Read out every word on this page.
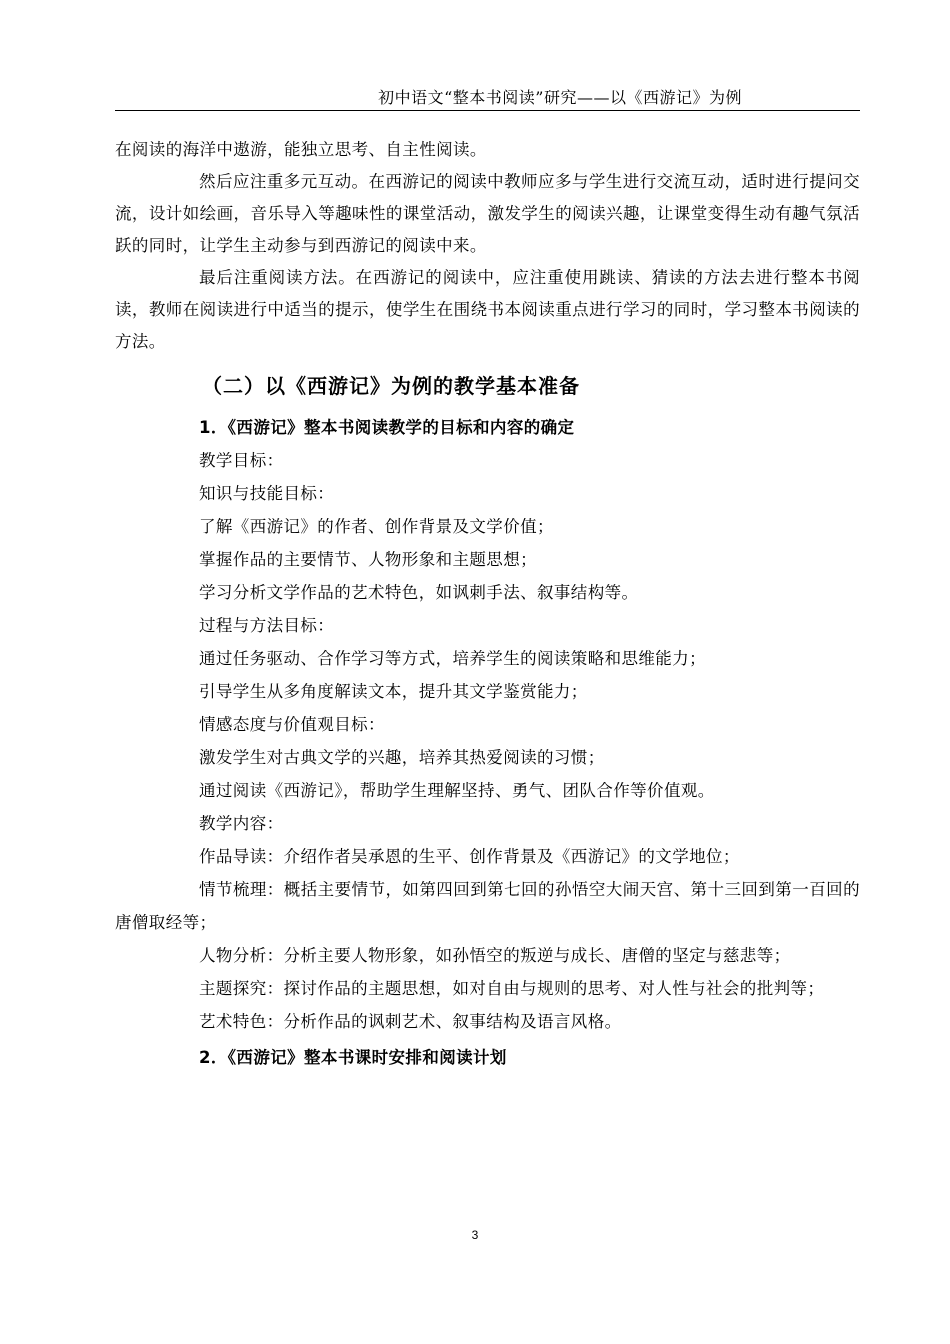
初中语文“整本书阅读”研究——以《西游记》为例

在阅读的海洋中遨游，能独立思考、自主性阅读。

然后应注重多元互动。在西游记的阅读中教师应多与学生进行交流互动，适时进行提问交流，设计如绘画，音乐导入等趣味性的课堂活动，激发学生的阅读兴趣，让课堂变得生动有趣气氛活跃的同时，让学生主动参与到西游记的阅读中来。

最后注重阅读方法。在西游记的阅读中，应注重使用跳读、猜读的方法去进行整本书阅读，教师在阅读进行中适当的提示，使学生在围绕书本阅读重点进行学习的同时，学习整本书阅读的方法。

（二）以《西游记》为例的教学基本准备
1．《西游记》整本书阅读教学的目标和内容的确定

教学目标：

知识与技能目标：

了解《西游记》的作者、创作背景及文学价值；

掌握作品的主要情节、人物形象和主题思想；

学习分析文学作品的艺术特色，如讽刺手法、叙事结构等。

过程与方法目标：

通过任务驱动、合作学习等方式，培养学生的阅读策略和思维能力；

引导学生从多角度解读文本，提升其文学鉴赏能力；

情感态度与价值观目标：

激发学生对古典文学的兴趣，培养其热爱阅读的习惯；

通过阅读《西游记》，帮助学生理解坚持、勇气、团队合作等价值观。

教学内容：

作品导读：介绍作者吴承恩的生平、创作背景及《西游记》的文学地位；

情节梳理：概括主要情节，如第四回到第七回的孙悟空大闹天宫、第十三回到第一百回的唐僧取经等；

人物分析：分析主要人物形象，如孙悟空的叛逆与成长、唐僧的坚定与慈悲等；

主题探究：探讨作品的主题思想，如对自由与规则的思考、对人性与社会的批判等；

艺术特色：分析作品的讽刺艺术、叙事结构及语言风格。

2．《西游记》整本书课时安排和阅读计划
3
